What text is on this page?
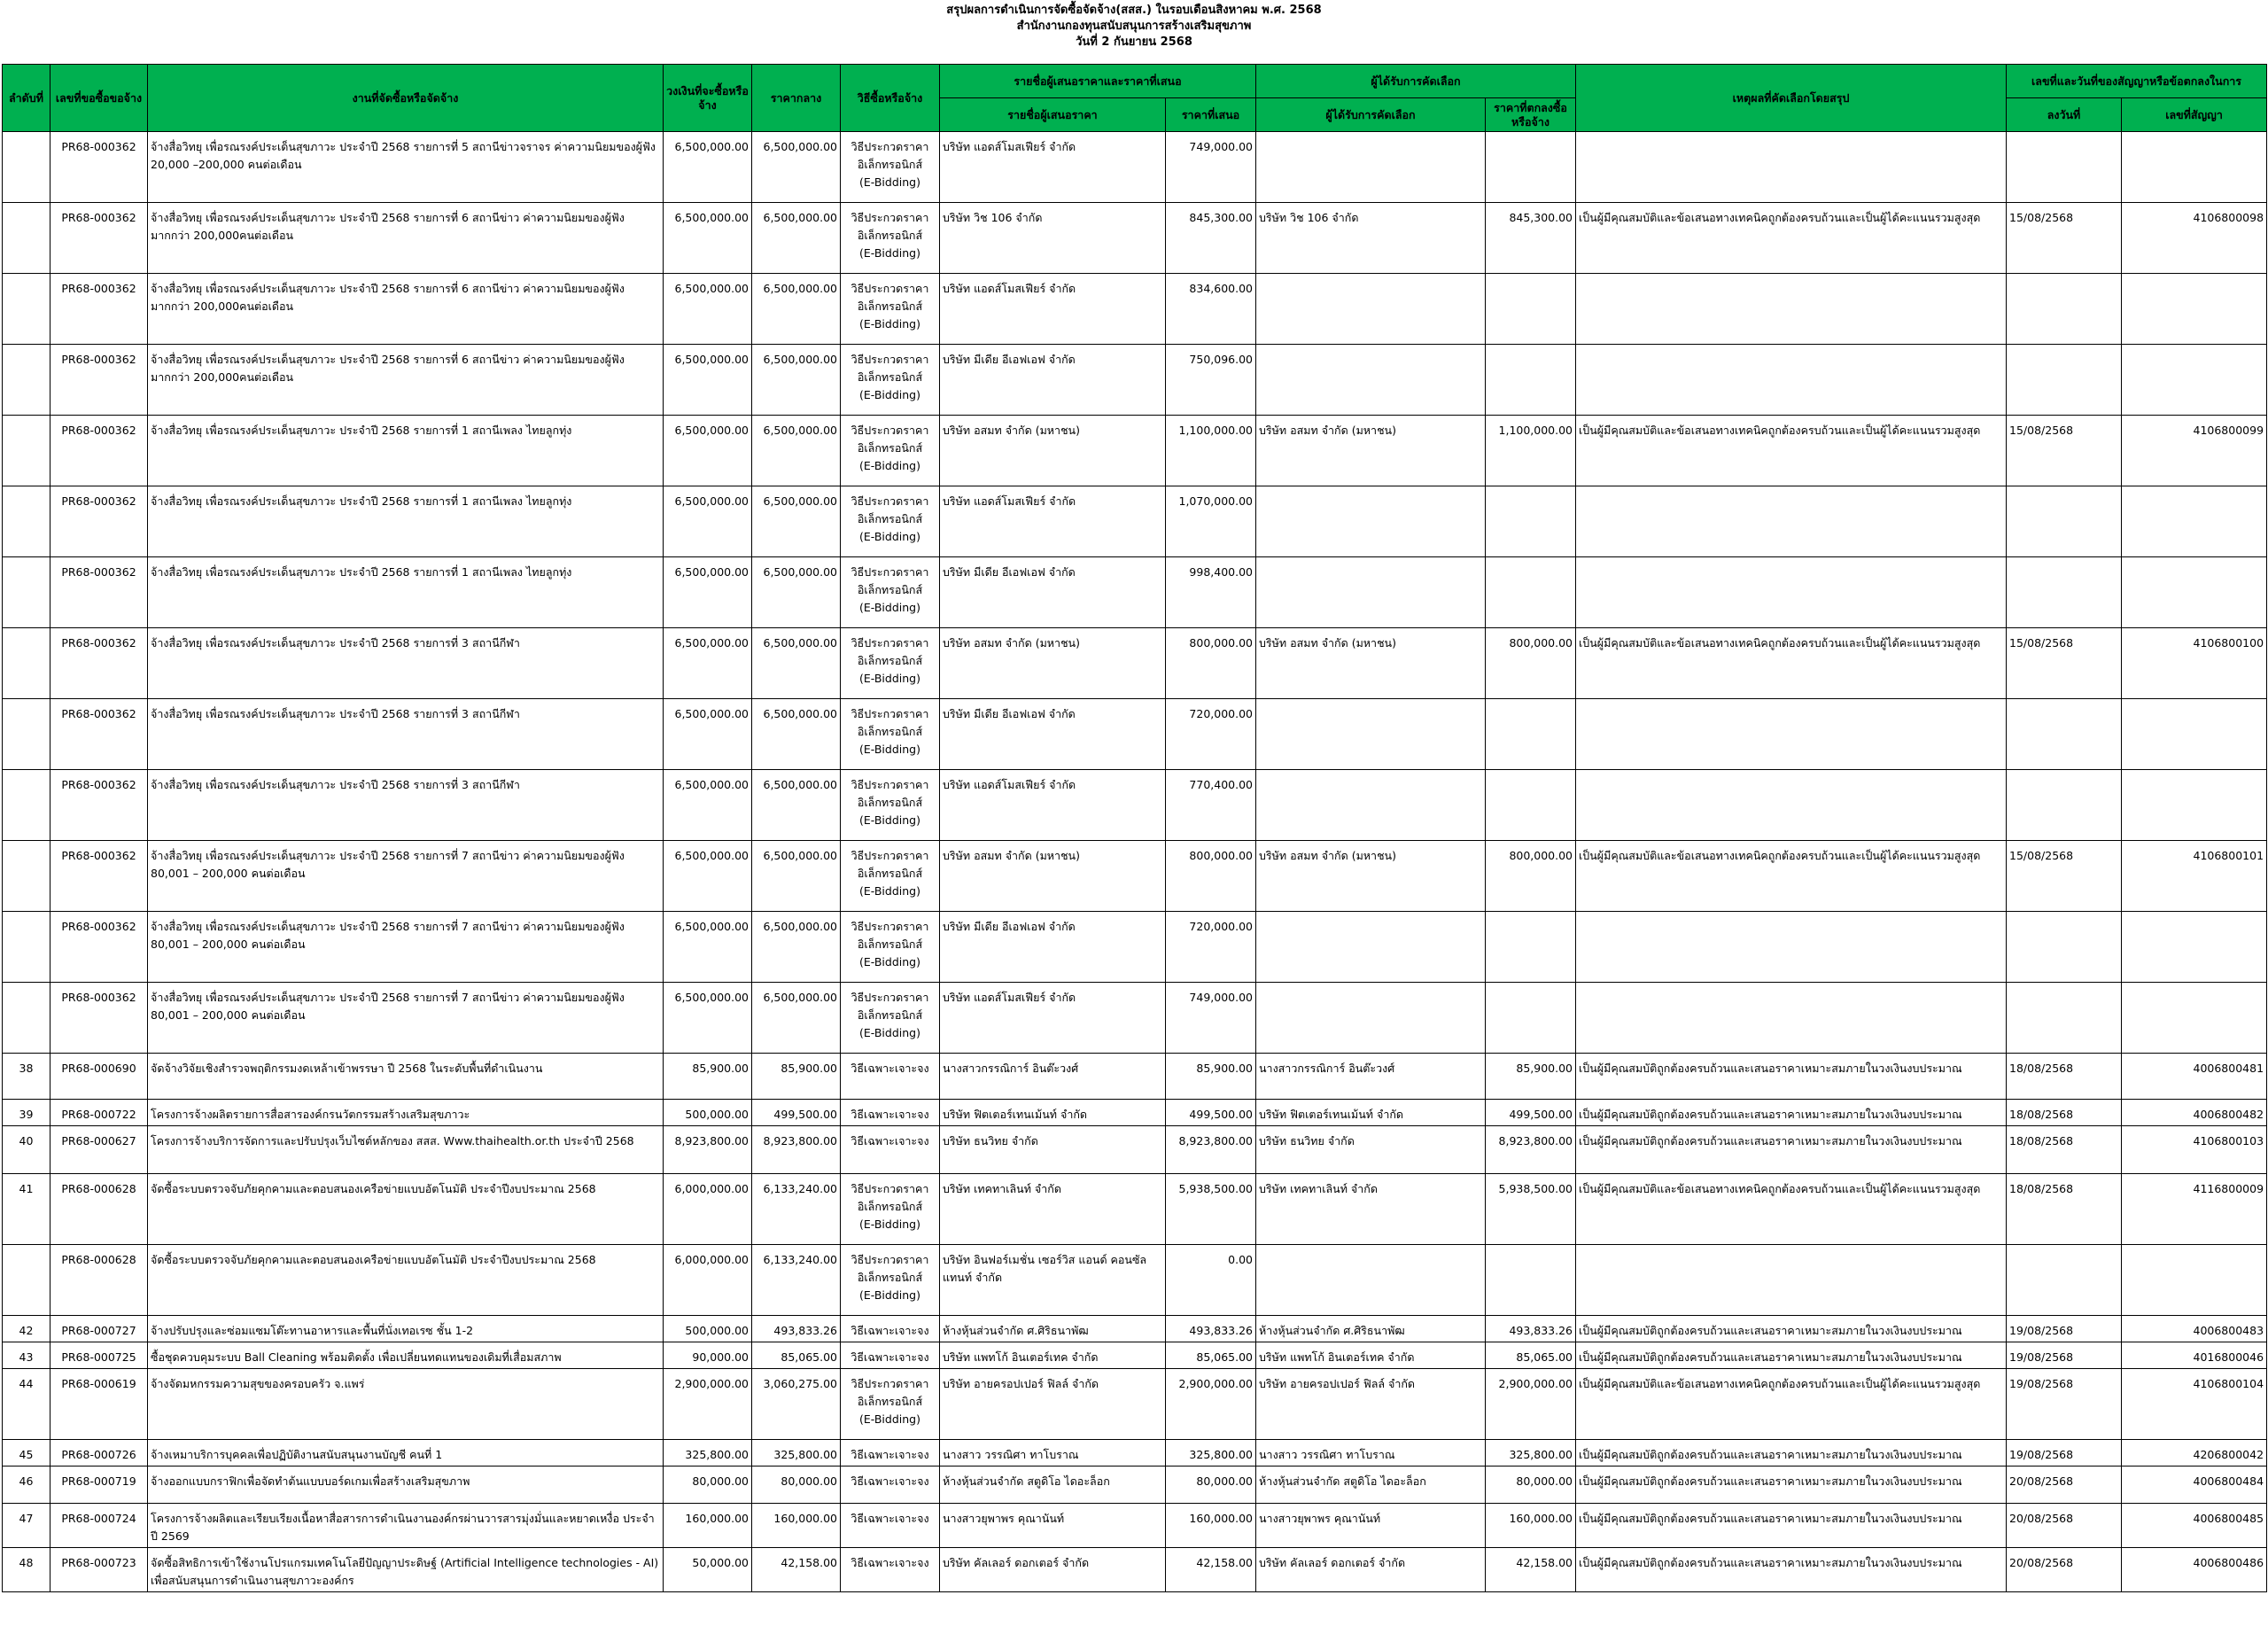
สรุปผลการดำเนินการจัดซื้อจัดจ้าง(สสส.) ในรอบเดือนสิงหาคม พ.ศ. 2568
สำนักงานกองทุนสนับสนุนการสร้างเสริมสุขภาพ
วันที่ 2 กันยายน 2568
ลำดับที่	เลขที่ขอซื้อขอจ้าง	งานที่จัดซื้อหรือจัดจ้าง	วงเงินที่จะซื้อหรือจ้าง	ราคากลาง	วิธีซื้อหรือจ้าง	รายชื่อผู้เสนอราคาและราคาที่เสนอ		ผู้ได้รับการคัดเลือก		เหตุผลที่คัดเลือกโดยสรุป	เลขที่และวันที่ของสัญญาหรือข้อตกลงในการ	
						รายชื่อผู้เสนอราคา	ราคาที่เสนอ	ผู้ได้รับการคัดเลือก	ราคาที่ตกลงซื้อหรือจ้าง		ลงวันที่	เลขที่สัญญา
	PR68-000362	จ้างสื่อวิทยุ เพื่อรณรงค์ประเด็นสุขภาวะ ประจำปี 2568 รายการที่ 5 สถานีข่าวจราจร ค่าความนิยมของผู้ฟัง 20,000 –200,000 คนต่อเดือน	6,500,000.00	6,500,000.00	วิธีประกวดราคา
อิเล็กทรอนิกส์
(E-Bidding)	บริษัท แอดส์โมสเฟียร์ จำกัด	749,000.00					
	PR68-000362	จ้างสื่อวิทยุ เพื่อรณรงค์ประเด็นสุขภาวะ ประจำปี 2568 รายการที่ 6 สถานีข่าว ค่าความนิยมของผู้ฟังมากกว่า 200,000คนต่อเดือน	6,500,000.00	6,500,000.00	วิธีประกวดราคา
อิเล็กทรอนิกส์
(E-Bidding)	บริษัท วิช 106 จำกัด	845,300.00	บริษัท วิช 106 จำกัด	845,300.00	เป็นผู้มีคุณสมบัติและข้อเสนอทางเทคนิคถูกต้องครบถ้วนและเป็นผู้ได้คะแนนรวมสูงสุด	15/08/2568	4106800098
	PR68-000362	จ้างสื่อวิทยุ เพื่อรณรงค์ประเด็นสุขภาวะ ประจำปี 2568 รายการที่ 6 สถานีข่าว ค่าความนิยมของผู้ฟังมากกว่า 200,000คนต่อเดือน	6,500,000.00	6,500,000.00	วิธีประกวดราคา
อิเล็กทรอนิกส์
(E-Bidding)	บริษัท แอดส์โมสเฟียร์ จำกัด	834,600.00					
	PR68-000362	จ้างสื่อวิทยุ เพื่อรณรงค์ประเด็นสุขภาวะ ประจำปี 2568 รายการที่ 6 สถานีข่าว ค่าความนิยมของผู้ฟังมากกว่า 200,000คนต่อเดือน	6,500,000.00	6,500,000.00	วิธีประกวดราคา
อิเล็กทรอนิกส์
(E-Bidding)	บริษัท มีเดีย อีเอฟเอฟ จำกัด	750,096.00					
	PR68-000362	จ้างสื่อวิทยุ เพื่อรณรงค์ประเด็นสุขภาวะ ประจำปี 2568 รายการที่ 1 สถานีเพลง ไทยลูกทุ่ง	6,500,000.00	6,500,000.00	วิธีประกวดราคา
อิเล็กทรอนิกส์
(E-Bidding)	บริษัท อสมท จำกัด (มหาชน)	1,100,000.00	บริษัท อสมท จำกัด (มหาชน)	1,100,000.00	เป็นผู้มีคุณสมบัติและข้อเสนอทางเทคนิคถูกต้องครบถ้วนและเป็นผู้ได้คะแนนรวมสูงสุด	15/08/2568	4106800099
	PR68-000362	จ้างสื่อวิทยุ เพื่อรณรงค์ประเด็นสุขภาวะ ประจำปี 2568 รายการที่ 1 สถานีเพลง ไทยลูกทุ่ง	6,500,000.00	6,500,000.00	วิธีประกวดราคา
อิเล็กทรอนิกส์
(E-Bidding)	บริษัท แอดส์โมสเฟียร์ จำกัด	1,070,000.00					
	PR68-000362	จ้างสื่อวิทยุ เพื่อรณรงค์ประเด็นสุขภาวะ ประจำปี 2568 รายการที่ 1 สถานีเพลง ไทยลูกทุ่ง	6,500,000.00	6,500,000.00	วิธีประกวดราคา
อิเล็กทรอนิกส์
(E-Bidding)	บริษัท มีเดีย อีเอฟเอฟ จำกัด	998,400.00					
	PR68-000362	จ้างสื่อวิทยุ เพื่อรณรงค์ประเด็นสุขภาวะ ประจำปี 2568 รายการที่ 3 สถานีกีฬา	6,500,000.00	6,500,000.00	วิธีประกวดราคา
อิเล็กทรอนิกส์
(E-Bidding)	บริษัท อสมท จำกัด (มหาชน)	800,000.00	บริษัท อสมท จำกัด (มหาชน)	800,000.00	เป็นผู้มีคุณสมบัติและข้อเสนอทางเทคนิคถูกต้องครบถ้วนและเป็นผู้ได้คะแนนรวมสูงสุด	15/08/2568	4106800100
	PR68-000362	จ้างสื่อวิทยุ เพื่อรณรงค์ประเด็นสุขภาวะ ประจำปี 2568 รายการที่ 3 สถานีกีฬา	6,500,000.00	6,500,000.00	วิธีประกวดราคา
อิเล็กทรอนิกส์
(E-Bidding)	บริษัท มีเดีย อีเอฟเอฟ จำกัด	720,000.00					
	PR68-000362	จ้างสื่อวิทยุ เพื่อรณรงค์ประเด็นสุขภาวะ ประจำปี 2568 รายการที่ 3 สถานีกีฬา	6,500,000.00	6,500,000.00	วิธีประกวดราคา
อิเล็กทรอนิกส์
(E-Bidding)	บริษัท แอดส์โมสเฟียร์ จำกัด	770,400.00					
	PR68-000362	จ้างสื่อวิทยุ เพื่อรณรงค์ประเด็นสุขภาวะ ประจำปี 2568 รายการที่ 7 สถานีข่าว ค่าความนิยมของผู้ฟัง 80,001 – 200,000 คนต่อเดือน	6,500,000.00	6,500,000.00	วิธีประกวดราคา
อิเล็กทรอนิกส์
(E-Bidding)	บริษัท อสมท จำกัด (มหาชน)	800,000.00	บริษัท อสมท จำกัด (มหาชน)	800,000.00	เป็นผู้มีคุณสมบัติและข้อเสนอทางเทคนิคถูกต้องครบถ้วนและเป็นผู้ได้คะแนนรวมสูงสุด	15/08/2568	4106800101
	PR68-000362	จ้างสื่อวิทยุ เพื่อรณรงค์ประเด็นสุขภาวะ ประจำปี 2568 รายการที่ 7 สถานีข่าว ค่าความนิยมของผู้ฟัง 80,001 – 200,000 คนต่อเดือน	6,500,000.00	6,500,000.00	วิธีประกวดราคา
อิเล็กทรอนิกส์
(E-Bidding)	บริษัท มีเดีย อีเอฟเอฟ จำกัด	720,000.00					
	PR68-000362	จ้างสื่อวิทยุ เพื่อรณรงค์ประเด็นสุขภาวะ ประจำปี 2568 รายการที่ 7 สถานีข่าว ค่าความนิยมของผู้ฟัง 80,001 – 200,000 คนต่อเดือน	6,500,000.00	6,500,000.00	วิธีประกวดราคา
อิเล็กทรอนิกส์
(E-Bidding)	บริษัท แอดส์โมสเฟียร์ จำกัด	749,000.00					
38	PR68-000690	จัดจ้างวิจัยเชิงสำรวจพฤติกรรมงดเหล้าเข้าพรรษา ปี 2568 ในระดับพื้นที่ดำเนินงาน	85,900.00	85,900.00	วิธีเฉพาะเจาะจง	นางสาวกรรณิการ์ อินต๊ะวงศ์	85,900.00	นางสาวกรรณิการ์ อินต๊ะวงศ์	85,900.00	เป็นผู้มีคุณสมบัติถูกต้องครบถ้วนและเสนอราคาเหมาะสมภายในวงเงินงบประมาณ	18/08/2568	4006800481
39	PR68-000722	โครงการจ้างผลิตรายการสื่อสารองค์กรนวัตกรรมสร้างเสริมสุขภาวะ	500,000.00	499,500.00	วิธีเฉพาะเจาะจง	บริษัท ฟิตเตอร์เทนเม้นท์ จำกัด	499,500.00	บริษัท ฟิตเตอร์เทนเม้นท์ จำกัด	499,500.00	เป็นผู้มีคุณสมบัติถูกต้องครบถ้วนและเสนอราคาเหมาะสมภายในวงเงินงบประมาณ	18/08/2568	4006800482
40	PR68-000627	โครงการจ้างบริการจัดการและปรับปรุงเว็บไซต์หลักของ สสส. Www.thaihealth.or.th ประจำปี 2568	8,923,800.00	8,923,800.00	วิธีเฉพาะเจาะจง	บริษัท ธนวิทย จำกัด	8,923,800.00	บริษัท ธนวิทย จำกัด	8,923,800.00	เป็นผู้มีคุณสมบัติถูกต้องครบถ้วนและเสนอราคาเหมาะสมภายในวงเงินงบประมาณ	18/08/2568	4106800103
41	PR68-000628	จัดซื้อระบบตรวจจับภัยคุกคามและตอบสนองเครือข่ายแบบอัตโนมัติ ประจำปีงบประมาณ 2568	6,000,000.00	6,133,240.00	วิธีประกวดราคา
อิเล็กทรอนิกส์
(E-Bidding)	บริษัท เทคทาเลินท์ จำกัด	5,938,500.00	บริษัท เทคทาเลินท์ จำกัด	5,938,500.00	เป็นผู้มีคุณสมบัติและข้อเสนอทางเทคนิคถูกต้องครบถ้วนและเป็นผู้ได้คะแนนรวมสูงสุด	18/08/2568	4116800009
	PR68-000628	จัดซื้อระบบตรวจจับภัยคุกคามและตอบสนองเครือข่ายแบบอัตโนมัติ ประจำปีงบประมาณ 2568	6,000,000.00	6,133,240.00	วิธีประกวดราคา
อิเล็กทรอนิกส์
(E-Bidding)	บริษัท อินฟอร์เมชั่น เซอร์วิส แอนด์ คอนซัลแทนท์ จำกัด	0.00					
42	PR68-000727	จ้างปรับปรุงและซ่อมแซมโต๊ะทานอาหารและพื้นที่นั่งเทอเรซ ชั้น 1-2	500,000.00	493,833.26	วิธีเฉพาะเจาะจง	ห้างหุ้นส่วนจำกัด ศ.ศิริธนาพัฒ	493,833.26	ห้างหุ้นส่วนจำกัด ศ.ศิริธนาพัฒ	493,833.26	เป็นผู้มีคุณสมบัติถูกต้องครบถ้วนและเสนอราคาเหมาะสมภายในวงเงินงบประมาณ	19/08/2568	4006800483
43	PR68-000725	ซื้อชุดควบคุมระบบ Ball Cleaning พร้อมติดตั้ง เพื่อเปลี่ยนทดแทนของเดิมที่เสื่อมสภาพ	90,000.00	85,065.00	วิธีเฉพาะเจาะจง	บริษัท แพทโก้ อินเตอร์เทค จำกัด	85,065.00	บริษัท แพทโก้ อินเตอร์เทค จำกัด	85,065.00	เป็นผู้มีคุณสมบัติถูกต้องครบถ้วนและเสนอราคาเหมาะสมภายในวงเงินงบประมาณ	19/08/2568	4016800046
44	PR68-000619	จ้างจัดมหกรรมความสุขของครอบครัว จ.แพร่	2,900,000.00	3,060,275.00	วิธีประกวดราคา
อิเล็กทรอนิกส์
(E-Bidding)	บริษัท อายครอปเปอร์ ฟิลล์ จำกัด	2,900,000.00	บริษัท อายครอปเปอร์ ฟิลล์ จำกัด	2,900,000.00	เป็นผู้มีคุณสมบัติและข้อเสนอทางเทคนิคถูกต้องครบถ้วนและเป็นผู้ได้คะแนนรวมสูงสุด	19/08/2568	4106800104
45	PR68-000726	จ้างเหมาบริการบุคคลเพื่อปฏิบัติงานสนับสนุนงานบัญชี คนที่ 1	325,800.00	325,800.00	วิธีเฉพาะเจาะจง	นางสาว วรรณิศา ทาโบราณ	325,800.00	นางสาว วรรณิศา ทาโบราณ	325,800.00	เป็นผู้มีคุณสมบัติถูกต้องครบถ้วนและเสนอราคาเหมาะสมภายในวงเงินงบประมาณ	19/08/2568	4206800042
46	PR68-000719	จ้างออกแบบกราฟิกเพื่อจัดทำต้นแบบบอร์ดเกมเพื่อสร้างเสริมสุขภาพ	80,000.00	80,000.00	วิธีเฉพาะเจาะจง	ห้างหุ้นส่วนจำกัด สตูดิโอ ไดอะล็อก	80,000.00	ห้างหุ้นส่วนจำกัด สตูดิโอ ไดอะล็อก	80,000.00	เป็นผู้มีคุณสมบัติถูกต้องครบถ้วนและเสนอราคาเหมาะสมภายในวงเงินงบประมาณ	20/08/2568	4006800484
47	PR68-000724	โครงการจ้างผลิตและเรียบเรียงเนื้อหาสื่อสารการดำเนินงานองค์กรผ่านวารสารมุ่งมั่นและหยาดเหงื่อ ประจำปี 2569	160,000.00	160,000.00	วิธีเฉพาะเจาะจง	นางสาวยุพาพร คุณานันท์	160,000.00	นางสาวยุพาพร คุณานันท์	160,000.00	เป็นผู้มีคุณสมบัติถูกต้องครบถ้วนและเสนอราคาเหมาะสมภายในวงเงินงบประมาณ	20/08/2568	4006800485
48	PR68-000723	จัดซื้อสิทธิการเข้าใช้งานโปรแกรมเทคโนโลยีปัญญาประดิษฐ์ (Artificial Intelligence technologies - AI) เพื่อสนับสนุนการดำเนินงานสุขภาวะองค์กร	50,000.00	42,158.00	วิธีเฉพาะเจาะจง	บริษัท คัลเลอร์ ดอกเตอร์ จำกัด	42,158.00	บริษัท คัลเลอร์ ดอกเตอร์ จำกัด	42,158.00	เป็นผู้มีคุณสมบัติถูกต้องครบถ้วนและเสนอราคาเหมาะสมภายในวงเงินงบประมาณ	20/08/2568	4006800486
